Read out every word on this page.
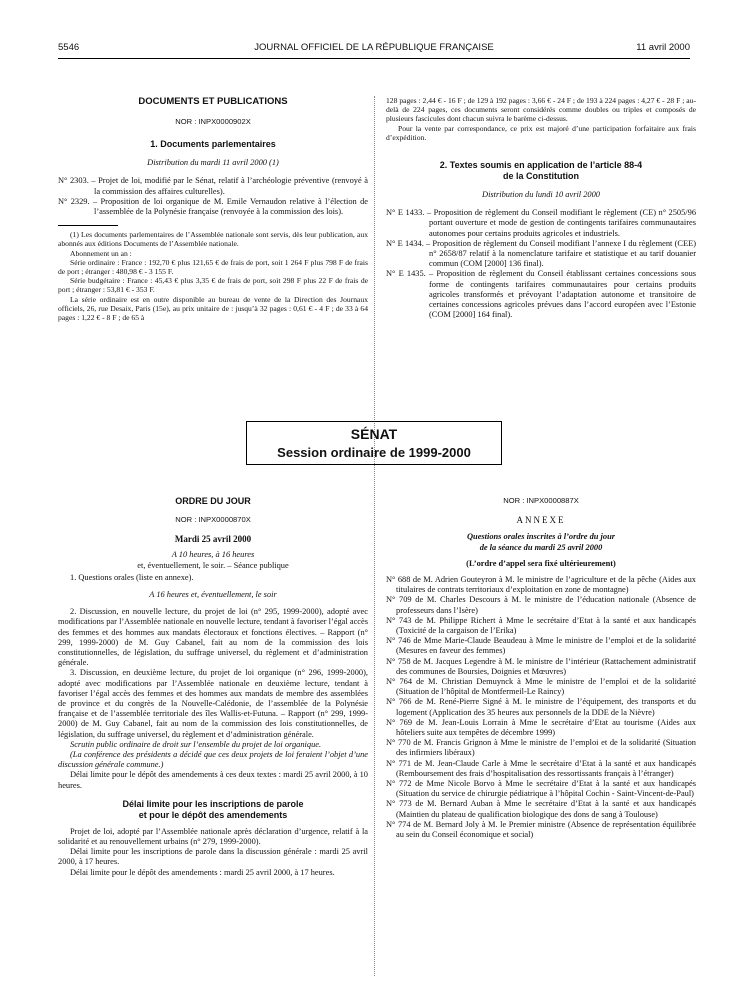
5546	JOURNAL OFFICIEL DE LA RÉPUBLIQUE FRANÇAISE	11 avril 2000
DOCUMENTS ET PUBLICATIONS
NOR : INPX0000902X
1. Documents parlementaires
Distribution du mardi 11 avril 2000 (1)

N° 2303. – Projet de loi, modifié par le Sénat, relatif à l’archéologie préventive (renvoyé à la commission des affaires culturelles).

N° 2329. – Proposition de loi organique de M. Emile Vernaudon relative à l’élection de l’assemblée de la Polynésie française (renvoyée à la commission des lois).

(1) Les documents parlementaires de l’Assemblée nationale sont servis, dès leur publication, aux abonnés aux éditions Documents de l’Assemblée nationale.

Abonnement un an :

Série ordinaire : France : 192,70 € plus 121,65 € de frais de port, soit 1 264 F plus 798 F de frais de port ; étranger : 480,98 € - 3 155 F.

Série budgétaire : France : 45,43 € plus 3,35 € de frais de port, soit 298 F plus 22 F de frais de port ; étranger : 53,81 € - 353 F.

La série ordinaire est en outre disponible au bureau de vente de la Direction des Journaux officiels, 26, rue Desaix, Paris (15e), au prix unitaire de : jusqu’à 32 pages : 0,61 € - 4 F ; de 33 à 64 pages : 1,22 € - 8 F ; de 65 à

128 pages : 2,44 € - 16 F ; de 129 à 192 pages : 3,66 € - 24 F ; de 193 à 224 pages : 4,27 € - 28 F ; au-delà de 224 pages, ces documents seront considérés comme doubles ou triples et composés de plusieurs fascicules dont chacun suivra le barème ci-dessus.

Pour la vente par correspondance, ce prix est majoré d’une participation forfaitaire aux frais d’expédition.

2. Textes soumis en application de l’article 88-4
de la Constitution
Distribution du lundi 10 avril 2000

N° E 1433. – Proposition de règlement du Conseil modifiant le règlement (CE) n° 2505/96 portant ouverture et mode de gestion de contingents tarifaires communautaires autonomes pour certains produits agricoles et industriels.

N° E 1434. – Proposition de règlement du Conseil modifiant l’annexe I du règlement (CEE) n° 2658/87 relatif à la nomenclature tarifaire et statistique et au tarif douanier commun (COM [2000] 136 final).

N° E 1435. – Proposition de règlement du Conseil établissant certaines concessions sous forme de contingents tarifaires communautaires pour certains produits agricoles transformés et prévoyant l’adaptation autonome et transitoire de certaines concessions agricoles prévues dans l’accord européen avec l’Estonie (COM [2000] 164 final).

SÉNAT
Session ordinaire de 1999-2000
ORDRE DU JOUR
NOR : INPX0000870X
Mardi 25 avril 2000
A 10 heures, à 16 heures
et, éventuellement, le soir. – Séance publique

1. Questions orales (liste en annexe).

A 16 heures et, éventuellement, le soir

2. Discussion, en nouvelle lecture, du projet de loi (n° 295, 1999-2000), adopté avec modifications par l’Assemblée nationale en nouvelle lecture, tendant à favoriser l’égal accès des femmes et des hommes aux mandats électoraux et fonctions électives. – Rapport (n° 299, 1999-2000) de M. Guy Cabanel, fait au nom de la commission des lois constitutionnelles, de législation, du suffrage universel, du règlement et d’administration générale.

3. Discussion, en deuxième lecture, du projet de loi organique (n° 296, 1999-2000), adopté avec modifications par l’Assemblée nationale en deuxième lecture, tendant à favoriser l’égal accès des femmes et des hommes aux mandats de membre des assemblées de province et du congrès de la Nouvelle-Calédonie, de l’assemblée de la Polynésie française et de l’assemblée territoriale des îles Wallis-et-Futuna. – Rapport (n° 299, 1999-2000) de M. Guy Cabanel, fait au nom de la commission des lois constitutionnelles, de législation, du suffrage universel, du règlement et d’administration générale.

Scrutin public ordinaire de droit sur l’ensemble du projet de loi organique.

(La conférence des présidents a décidé que ces deux projets de loi feraient l’objet d’une discussion générale commune.)

Délai limite pour le dépôt des amendements à ces deux textes : mardi 25 avril 2000, à 10 heures.

Délai limite pour les inscriptions de parole
et pour le dépôt des amendements

Projet de loi, adopté par l’Assemblée nationale après déclaration d’urgence, relatif à la solidarité et au renouvellement urbains (n° 279, 1999-2000).

Délai limite pour les inscriptions de parole dans la discussion générale : mardi 25 avril 2000, à 17 heures.

Délai limite pour le dépôt des amendements : mardi 25 avril 2000, à 17 heures.

NOR : INPX0000887X
ANNEXE
Questions orales inscrites à l’ordre du jour
de la séance du mardi 25 avril 2000
(L’ordre d’appel sera fixé ultérieurement)

N° 688 de M. Adrien Gouteyron à M. le ministre de l’agriculture et de la pêche (Aides aux titulaires de contrats territoriaux d’exploitation en zone de montagne)

N° 709 de M. Charles Descours à M. le ministre de l’éducation nationale (Absence de professeurs dans l’Isère)

N° 743 de M. Philippe Richert à Mme le secrétaire d’Etat à la santé et aux handicapés (Toxicité de la cargaison de l’Erika)

N° 746 de Mme Marie-Claude Beaudeau à Mme le ministre de l’emploi et de la solidarité (Mesures en faveur des femmes)

N° 758 de M. Jacques Legendre à M. le ministre de l’intérieur (Rattachement administratif des communes de Boursies, Doignies et Mœuvres)

N° 764 de M. Christian Demuynck à Mme le ministre de l’emploi et de la solidarité (Situation de l’hôpital de Montfermeil-Le Raincy)

N° 766 de M. René-Pierre Signé à M. le ministre de l’équipement, des transports et du logement (Application des 35 heures aux personnels de la DDE de la Nièvre)

N° 769 de M. Jean-Louis Lorrain à Mme le secrétaire d’Etat au tourisme (Aides aux hôteliers suite aux tempêtes de décembre 1999)

N° 770 de M. Francis Grignon à Mme le ministre de l’emploi et de la solidarité (Situation des infirmiers libéraux)

N° 771 de M. Jean-Claude Carle à Mme le secrétaire d’Etat à la santé et aux handicapés (Remboursement des frais d’hospitalisation des ressortissants français à l’étranger)

N° 772 de Mme Nicole Borvo à Mme le secrétaire d’Etat à la santé et aux handicapés (Situation du service de chirurgie pédiatrique à l’hôpital Cochin - Saint-Vincent-de-Paul)

N° 773 de M. Bernard Auban à Mme le secrétaire d’Etat à la santé et aux handicapés (Maintien du plateau de qualification biologique des dons de sang à Toulouse)

N° 774 de M. Bernard Joly à M. le Premier ministre (Absence de représentation équilibrée au sein du Conseil économique et social)
